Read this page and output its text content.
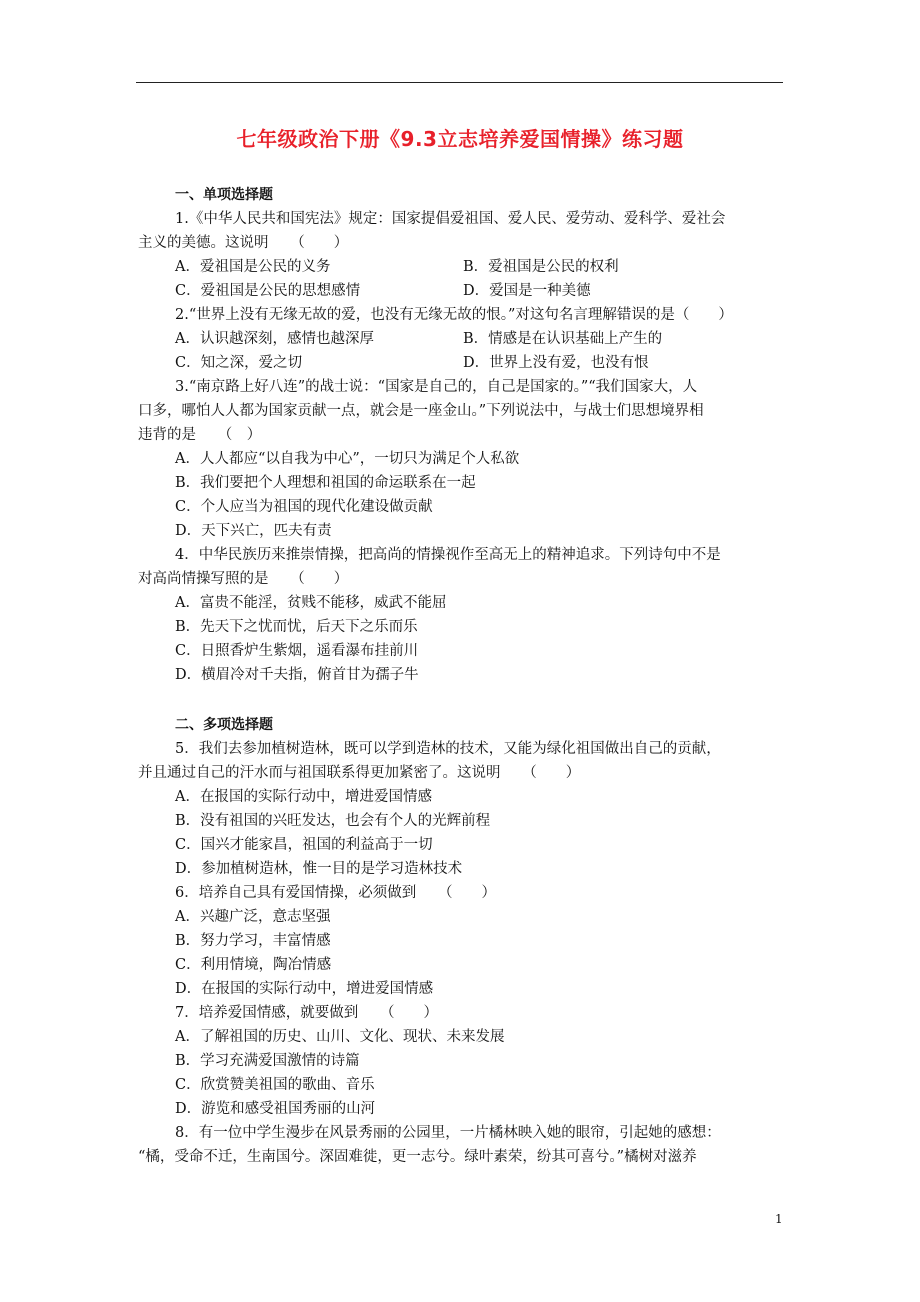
七年级政治下册《9.3立志培养爱国情操》练习题
一、单项选择题
1.《中华人民共和国宪法》规定：国家提倡爱祖国、爱人民、爱劳动、爱科学、爱社会
主义的美德。这说明　　（　　）
A．爱祖国是公民的义务	B．爱祖国是公民的权利
C．爱祖国是公民的思想感情	D．爱国是一种美德
2.“世界上没有无缘无故的爱，也没有无缘无故的恨。”对这句名言理解错误的是（　　）
A．认识越深刻，感情也越深厚	B．情感是在认识基础上产生的
C．知之深，爱之切	D．世界上没有爱，也没有恨
3.“南京路上好八连”的战士说：“国家是自己的，自己是国家的。”“我们国家大，人
口多，哪怕人人都为国家贡献一点，就会是一座金山。”下列说法中，与战士们思想境界相
违背的是　　（　）
A．人人都应“以自我为中心”，一切只为满足个人私欲
B．我们要把个人理想和祖国的命运联系在一起
C．个人应当为祖国的现代化建设做贡献
D．天下兴亡，匹夫有责
4．中华民族历来推崇情操，把高尚的情操视作至高无上的精神追求。下列诗句中不是
对高尚情操写照的是　　（　　）
A．富贵不能淫，贫贱不能移，威武不能屈
B．先天下之忧而忧，后天下之乐而乐
C．日照香炉生紫烟，遥看瀑布挂前川
D．横眉冷对千夫指，俯首甘为孺子牛
二、多项选择题
5．我们去参加植树造林，既可以学到造林的技术，又能为绿化祖国做出自己的贡献，
并且通过自己的汗水而与祖国联系得更加紧密了。这说明　　（　　）
A．在报国的实际行动中，增进爱国情感
B．没有祖国的兴旺发达，也会有个人的光辉前程
C．国兴才能家昌，祖国的利益高于一切
D．参加植树造林，惟一目的是学习造林技术
6．培养自己具有爱国情操，必须做到　　（　　）
A．兴趣广泛，意志坚强
B．努力学习，丰富情感
C．利用情境，陶冶情感
D．在报国的实际行动中，增进爱国情感
7．培养爱国情感，就要做到　　（　　）
A．了解祖国的历史、山川、文化、现状、未来发展
B．学习充满爱国激情的诗篇
C．欣赏赞美祖国的歌曲、音乐
D．游览和感受祖国秀丽的山河
8．有一位中学生漫步在风景秀丽的公园里，一片橘林映入她的眼帘，引起她的感想：
“橘，受命不迁，生南国兮。深固难徙，更一志兮。绿叶素荣，纷其可喜兮。”橘树对滋养
1
